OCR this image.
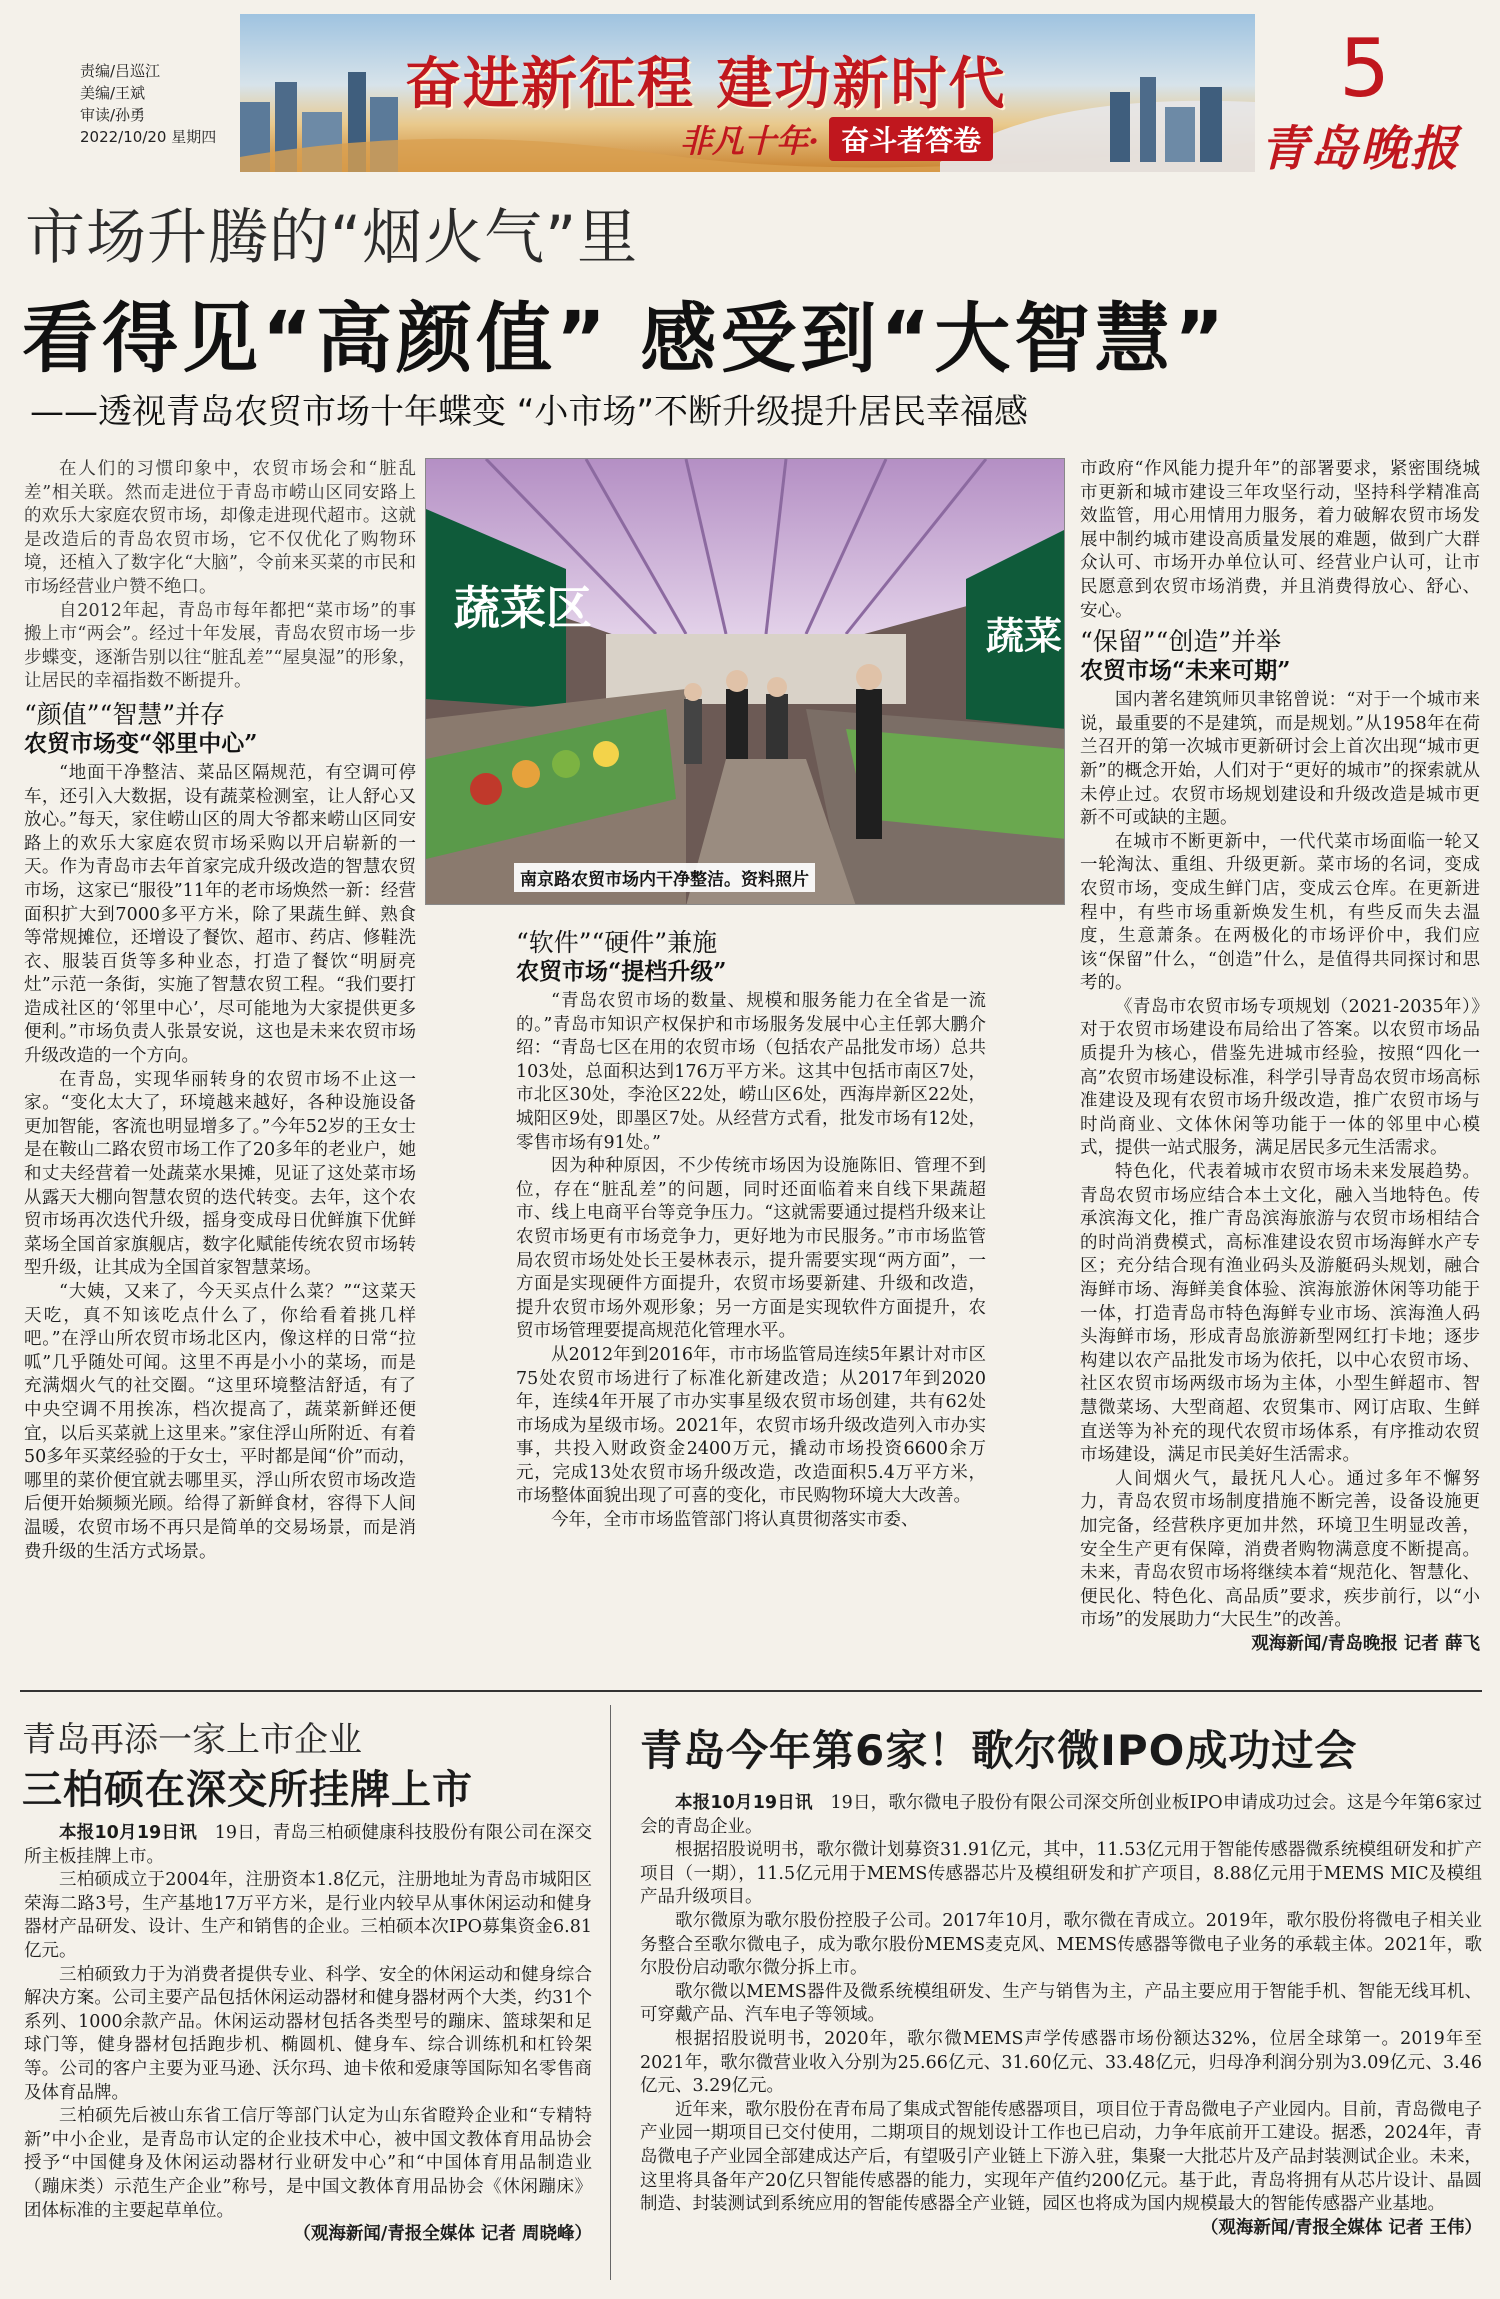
责编/吕巡江
美编/王斌
审读/孙勇
2022/10/20 星期四
奋进新征程 建功新时代
非凡十年· 奋斗者答卷
5
青岛晚报
市场升腾的“烟火气”里
看得见“高颜值” 感受到“大智慧”
——透视青岛农贸市场十年蝶变 “小市场”不断升级提升居民幸福感
蔬菜区
蔬菜
南京路农贸市场内干净整洁。资料照片

在人们的习惯印象中，农贸市场会和“脏乱差”相关联。然而走进位于青岛市崂山区同安路上的欢乐大家庭农贸市场，却像走进现代超市。这就是改造后的青岛农贸市场，它不仅优化了购物环境，还植入了数字化“大脑”，令前来买菜的市民和市场经营业户赞不绝口。

自2012年起，青岛市每年都把“菜市场”的事搬上市“两会”。经过十年发展，青岛农贸市场一步步蝶变，逐渐告别以往“脏乱差”“屋臭湿”的形象，让居民的幸福指数不断提升。

“颜值”“智慧”并存
农贸市场变“邻里中心”

“地面干净整洁、菜品区隔规范，有空调可停车，还引入大数据，设有蔬菜检测室，让人舒心又放心。”每天，家住崂山区的周大爷都来崂山区同安路上的欢乐大家庭农贸市场采购以开启崭新的一天。作为青岛市去年首家完成升级改造的智慧农贸市场，这家已“服役”11年的老市场焕然一新：经营面积扩大到7000多平方米，除了果蔬生鲜、熟食等常规摊位，还增设了餐饮、超市、药店、修鞋洗衣、服装百货等多种业态，打造了餐饮“明厨亮灶”示范一条街，实施了智慧农贸工程。“我们要打造成社区的‘邻里中心’，尽可能地为大家提供更多便利。”市场负责人张景安说，这也是未来农贸市场升级改造的一个方向。

在青岛，实现华丽转身的农贸市场不止这一家。“变化太大了，环境越来越好，各种设施设备更加智能，客流也明显增多了。”今年52岁的王女士是在鞍山二路农贸市场工作了20多年的老业户，她和丈夫经营着一处蔬菜水果摊，见证了这处菜市场从露天大棚向智慧农贸的迭代转变。去年，这个农贸市场再次迭代升级，摇身变成母日优鲜旗下优鲜菜场全国首家旗舰店，数字化赋能传统农贸市场转型升级，让其成为全国首家智慧菜场。

“大姨，又来了，今天买点什么菜？”“这菜天天吃，真不知该吃点什么了，你给看着挑几样吧。”在浮山所农贸市场北区内，像这样的日常“拉呱”几乎随处可闻。这里不再是小小的菜场，而是充满烟火气的社交圈。“这里环境整洁舒适，有了中央空调不用挨冻，档次提高了，蔬菜新鲜还便宜，以后买菜就上这里来。”家住浮山所附近、有着50多年买菜经验的于女士，平时都是闻“价”而动，哪里的菜价便宜就去哪里买，浮山所农贸市场改造后便开始频频光顾。给得了新鲜食材，容得下人间温暖，农贸市场不再只是简单的交易场景，而是消费升级的生活方式场景。

“软件”“硬件”兼施
农贸市场“提档升级”

“青岛农贸市场的数量、规模和服务能力在全省是一流的。”青岛市知识产权保护和市场服务发展中心主任郭大鹏介绍：“青岛七区在用的农贸市场（包括农产品批发市场）总共103处，总面积达到176万平方米。这其中包括市南区7处，市北区30处，李沧区22处，崂山区6处，西海岸新区22处，城阳区9处，即墨区7处。从经营方式看，批发市场有12处，零售市场有91处。”

因为种种原因，不少传统市场因为设施陈旧、管理不到位，存在“脏乱差”的问题，同时还面临着来自线下果蔬超市、线上电商平台等竞争压力。“这就需要通过提档升级来让农贸市场更有市场竞争力，更好地为市民服务。”市市场监管局农贸市场处处长王晏林表示，提升需要实现“两方面”，一方面是实现硬件方面提升，农贸市场要新建、升级和改造，提升农贸市场外观形象；另一方面是实现软件方面提升，农贸市场管理要提高规范化管理水平。

从2012年到2016年，市市场监管局连续5年累计对市区75处农贸市场进行了标准化新建改造；从2017年到2020年，连续4年开展了市办实事星级农贸市场创建，共有62处市场成为星级市场。2021年，农贸市场升级改造列入市办实事，共投入财政资金2400万元，撬动市场投资6600余万元，完成13处农贸市场升级改造，改造面积5.4万平方米，市场整体面貌出现了可喜的变化，市民购物环境大大改善。

今年，全市市场监管部门将认真贯彻落实市委、

市政府“作风能力提升年”的部署要求，紧密围绕城市更新和城市建设三年攻坚行动，坚持科学精准高效监管，用心用情用力服务，着力破解农贸市场发展中制约城市建设高质量发展的难题，做到广大群众认可、市场开办单位认可、经营业户认可，让市民愿意到农贸市场消费，并且消费得放心、舒心、安心。

“保留”“创造”并举
农贸市场“未来可期”

国内著名建筑师贝聿铭曾说：“对于一个城市来说，最重要的不是建筑，而是规划。”从1958年在荷兰召开的第一次城市更新研讨会上首次出现“城市更新”的概念开始，人们对于“更好的城市”的探索就从未停止过。农贸市场规划建设和升级改造是城市更新不可或缺的主题。

在城市不断更新中，一代代菜市场面临一轮又一轮淘汰、重组、升级更新。菜市场的名词，变成农贸市场，变成生鲜门店，变成云仓库。在更新进程中，有些市场重新焕发生机，有些反而失去温度，生意萧条。在两极化的市场评价中，我们应该“保留”什么，“创造”什么，是值得共同探讨和思考的。

《青岛市农贸市场专项规划（2021-2035年）》对于农贸市场建设布局给出了答案。以农贸市场品质提升为核心，借鉴先进城市经验，按照“四化一高”农贸市场建设标准，科学引导青岛农贸市场高标准建设及现有农贸市场升级改造，推广农贸市场与时尚商业、文体休闲等功能于一体的邻里中心模式，提供一站式服务，满足居民多元生活需求。

特色化，代表着城市农贸市场未来发展趋势。青岛农贸市场应结合本土文化，融入当地特色。传承滨海文化，推广青岛滨海旅游与农贸市场相结合的时尚消费模式，高标准建设农贸市场海鲜水产专区；充分结合现有渔业码头及游艇码头规划，融合海鲜市场、海鲜美食体验、滨海旅游休闲等功能于一体，打造青岛市特色海鲜专业市场、滨海渔人码头海鲜市场，形成青岛旅游新型网红打卡地；逐步构建以农产品批发市场为依托，以中心农贸市场、社区农贸市场两级市场为主体，小型生鲜超市、智慧微菜场、大型商超、农贸集市、网订店取、生鲜直送等为补充的现代农贸市场体系，有序推动农贸市场建设，满足市民美好生活需求。

人间烟火气，最抚凡人心。通过多年不懈努力，青岛农贸市场制度措施不断完善，设备设施更加完备，经营秩序更加井然，环境卫生明显改善，安全生产更有保障，消费者购物满意度不断提高。未来，青岛农贸市场将继续本着“规范化、智慧化、便民化、特色化、高品质”要求，疾步前行，以“小市场”的发展助力“大民生”的改善。

观海新闻/青岛晚报 记者 薛飞
青岛再添一家上市企业
三柏硕在深交所挂牌上市

本报10月19日讯　 19日，青岛三柏硕健康科技股份有限公司在深交所主板挂牌上市。

三柏硕成立于2004年，注册资本1.8亿元，注册地址为青岛市城阳区荣海二路3号，生产基地17万平方米，是行业内较早从事休闲运动和健身器材产品研发、设计、生产和销售的企业。三柏硕本次IPO募集资金6.81亿元。

三柏硕致力于为消费者提供专业、科学、安全的休闲运动和健身综合解决方案。公司主要产品包括休闲运动器材和健身器材两个大类，约31个系列、1000余款产品。休闲运动器材包括各类型号的蹦床、篮球架和足球门等，健身器材包括跑步机、椭圆机、健身车、综合训练机和杠铃架等。公司的客户主要为亚马逊、沃尔玛、迪卡侬和爱康等国际知名零售商及体育品牌。

三柏硕先后被山东省工信厅等部门认定为山东省瞪羚企业和“专精特新”中小企业，是青岛市认定的企业技术中心，被中国文教体育用品协会授予“中国健身及休闲运动器材行业研发中心”和“中国体育用品制造业（蹦床类）示范生产企业”称号，是中国文教体育用品协会《休闲蹦床》团体标准的主要起草单位。

（观海新闻/青报全媒体 记者 周晓峰）
青岛今年第6家！歌尔微IPO成功过会

本报10月19日讯　 19日，歌尔微电子股份有限公司深交所创业板IPO申请成功过会。这是今年第6家过会的青岛企业。

根据招股说明书，歌尔微计划募资31.91亿元，其中，11.53亿元用于智能传感器微系统模组研发和扩产项目（一期），11.5亿元用于MEMS传感器芯片及模组研发和扩产项目，8.88亿元用于MEMS MIC及模组产品升级项目。

歌尔微原为歌尔股份控股子公司。2017年10月，歌尔微在青成立。2019年，歌尔股份将微电子相关业务整合至歌尔微电子，成为歌尔股份MEMS麦克风、MEMS传感器等微电子业务的承载主体。2021年，歌尔股份启动歌尔微分拆上市。

歌尔微以MEMS器件及微系统模组研发、生产与销售为主，产品主要应用于智能手机、智能无线耳机、可穿戴产品、汽车电子等领域。

根据招股说明书，2020年，歌尔微MEMS声学传感器市场份额达32%，位居全球第一。2019年至2021年，歌尔微营业收入分别为25.66亿元、31.60亿元、33.48亿元，归母净利润分别为3.09亿元、3.46亿元、3.29亿元。

近年来，歌尔股份在青布局了集成式智能传感器项目，项目位于青岛微电子产业园内。目前，青岛微电子产业园一期项目已交付使用，二期项目的规划设计工作也已启动，力争年底前开工建设。据悉，2024年，青岛微电子产业园全部建成达产后，有望吸引产业链上下游入驻，集聚一大批芯片及产品封装测试企业。未来，这里将具备年产20亿只智能传感器的能力，实现年产值约200亿元。基于此，青岛将拥有从芯片设计、晶圆制造、封装测试到系统应用的智能传感器全产业链，园区也将成为国内规模最大的智能传感器产业基地。

（观海新闻/青报全媒体 记者 王伟）
